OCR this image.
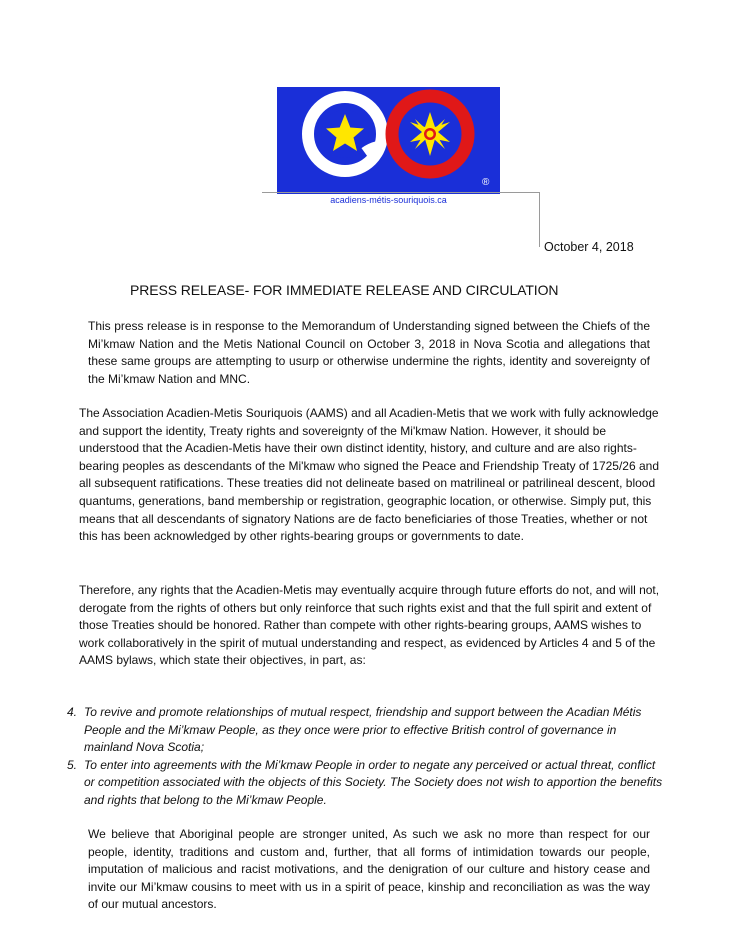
®
acadiens-métis-souriquois.ca
October 4, 2018
PRESS RELEASE- FOR IMMEDIATE RELEASE AND CIRCULATION

This press release is in response to the Memorandum of Understanding signed between the Chiefs of the Mi’kmaw Nation and the Metis National Council on October 3, 2018 in Nova Scotia and allegations that these same groups are attempting to usurp or otherwise undermine the rights, identity and sovereignty of the Mi’kmaw Nation and MNC.

The Association Acadien-Metis Souriquois (AAMS) and all Acadien-Metis that we work with fully acknowledge and support the identity, Treaty rights and sovereignty of the Mi'kmaw Nation. However, it should be understood that the Acadien-Metis have their own distinct identity, history, and culture and are also rights-bearing peoples as descendants of the Mi'kmaw who signed the Peace and Friendship Treaty of 1725/26 and all subsequent ratifications. These treaties did not delineate based on matrilineal or patrilineal descent, blood quantums, generations, band membership or registration, geographic location, or otherwise. Simply put, this means that all descendants of signatory Nations are de facto beneficiaries of those Treaties, whether or not this has been acknowledged by other rights-bearing groups or governments to date.

Therefore, any rights that the Acadien-Metis may eventually acquire through future efforts do not, and will not, derogate from the rights of others but only reinforce that such rights exist and that the full spirit and extent of those Treaties should be honored. Rather than compete with other rights-bearing groups, AAMS wishes to work collaboratively in the spirit of mutual understanding and respect, as evidenced by Articles 4 and 5 of the AAMS bylaws, which state their objectives, in part, as:

4. To revive and promote relationships of mutual respect, friendship and support between the Acadian Métis People and the Mi’kmaw People, as they once were prior to effective British control of governance in mainland Nova Scotia;
5. To enter into agreements with the Mi’kmaw People in order to negate any perceived or actual threat, conflict or competition associated with the objects of this Society. The Society does not wish to apportion the benefits and rights that belong to the Mi’kmaw People.

We believe that Aboriginal people are stronger united, As such we ask no more than respect for our people, identity, traditions and custom and, further, that all forms of intimidation towards our people, imputation of malicious and racist motivations, and the denigration of our culture and history cease and invite our Mi’kmaw cousins to meet with us in a spirit of peace, kinship and reconciliation as was the way of our mutual ancestors.
